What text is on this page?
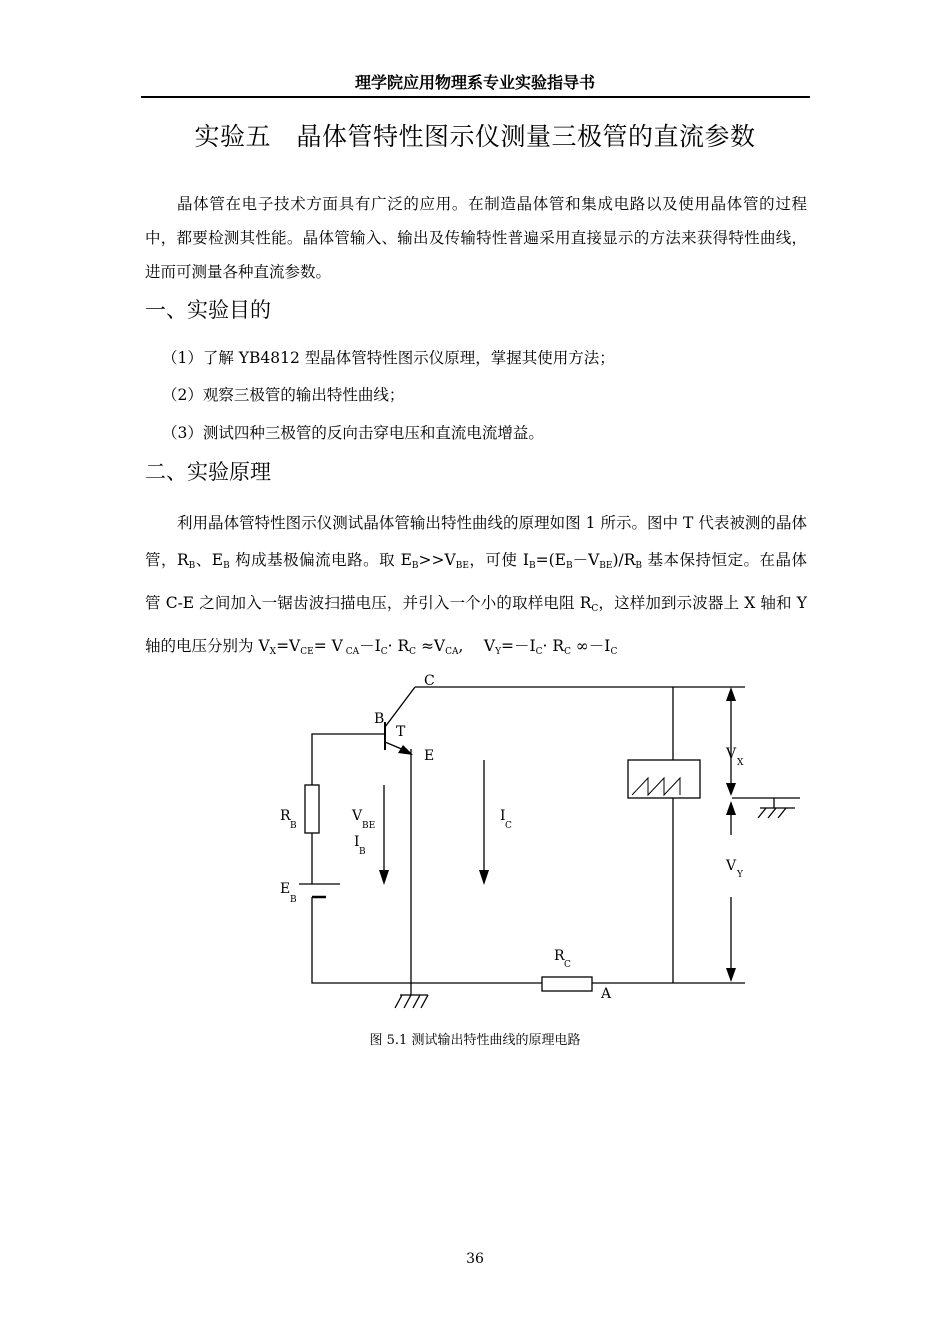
理学院应用物理系专业实验指导书
实验五　晶体管特性图示仪测量三极管的直流参数
晶体管在电子技术方面具有广泛的应用。在制造晶体管和集成电路以及使用晶体管的过程中，都要检测其性能。晶体管输入、输出及传输特性普遍采用直接显示的方法来获得特性曲线，进而可测量各种直流参数。
一、实验目的
（1）了解 YB4812 型晶体管特性图示仪原理，掌握其使用方法；
（2）观察三极管的输出特性曲线；
（3）测试四种三极管的反向击穿电压和直流电流增益。
二、实验原理
利用晶体管特性图示仪测试晶体管输出特性曲线的原理如图 1 所示。图中 T 代表被测的晶体管，$R_B$、$E_B$ 构成基极偏流电路。取 $E_B>>V_{BE}$，可使 $I_B=(E_B-V_{BE})/R_B$ 基本保持恒定。在晶体管 C-E 之间加入一锯齿波扫描电压，并引入一个小的取样电阻 $R_C$，这样加到示波器上 X 轴和 Y 轴的电压分别为 $V_X=V_{CE}= V$ $_{CA}-I_C\cdot R_C \approx V_{CA}$,　 $V_Y=-I_C\cdot R_C$ $\infty-I_C$
C
B
T
E
R
B
V
BE
I
B
I
C
E
B
V
X
V
Y
R
C
A
图 5.1 测试输出特性曲线的原理电路
36
